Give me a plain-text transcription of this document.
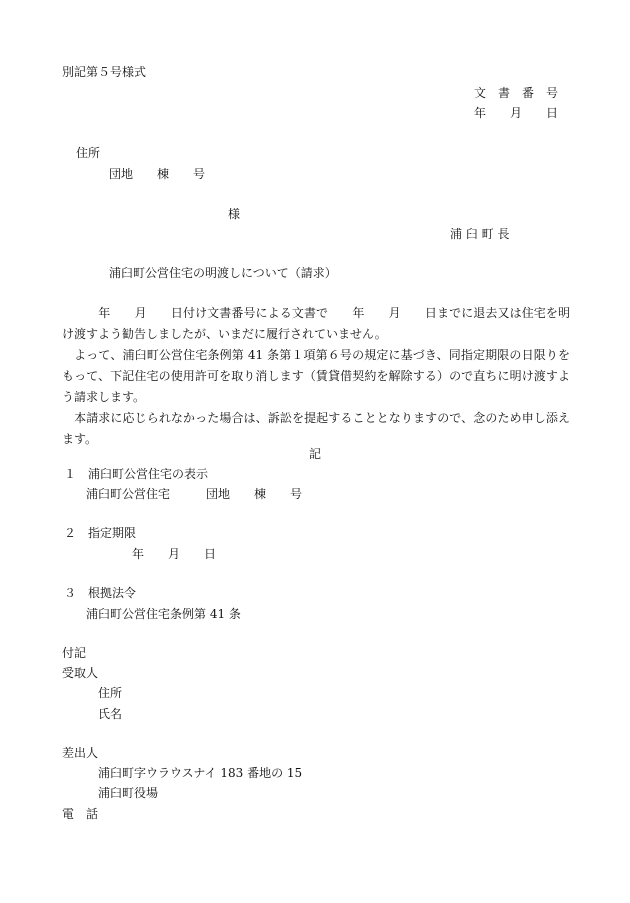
別記第５号様式

文　書　番　号

年　　月　　日

住所

団地　　棟　　号

様

浦 臼 町 長

浦臼町公営住宅の明渡しについて（請求）

　　　年　　月　　日付け文書番号による文書で　　年　　月　　日までに退去又は住宅を明け渡すよう勧告しましたが、いまだに履行されていません。

　よって、浦臼町公営住宅条例第 41 条第１項第６号の規定に基づき、同指定期限の日限りをもって、下記住宅の使用許可を取り消します（賃貸借契約を解除する）ので直ちに明け渡すよう請求します。

　本請求に応じられなかった場合は、訴訟を提起することとなりますので、念のため申し添えます。

記

１　浦臼町公営住宅の表示

浦臼町公営住宅　　　団地　　棟　　号

２　指定期限

年　　月　　日

３　根拠法令

浦臼町公営住宅条例第 41 条

付記

受取人

住所

氏名

差出人

浦臼町字ウラウスナイ 183 番地の 15

浦臼町役場

電　話
